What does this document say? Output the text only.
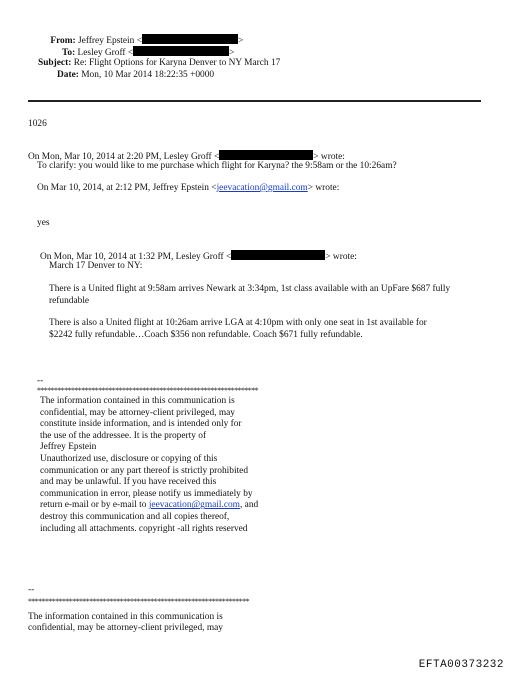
From: Jeffrey Epstein <	>
To: Lesley Groff <	>
Subject: Re: Flight Options for Karyna Denver to NY March 17
Date: Mon, 10 Mar 2014 18:22:35 +0000
1026
On Mon, Mar 10, 2014 at 2:20 PM, Lesley Groff <	> wrote:
To clarify: you would like to me purchase which flight for Karyna? the 9:58am or the 10:26am?
On Mar 10, 2014, at 2:12 PM, Jeffrey Epstein <jeevacation@gmail.com> wrote:
yes
On Mon, Mar 10, 2014 at 1:32 PM, Lesley Groff <	> wrote:
March 17 Denver to NY:
There is a United flight at 9:58am arrives Newark at 3:34pm, 1st class available with an UpFare $687 fully
refundable
There is also a United flight at 10:26am arrive LGA at 4:10pm with only one seat in 1st available for
$2242 fully refundable…Coach $356 non refundable. Coach $671 fully refundable.
--
*****************************************************************
The information contained in this communication is
confidential, may be attorney-client privileged, may
constitute inside information, and is intended only for
the use of the addressee. It is the property of
Jeffrey Epstein
Unauthorized use, disclosure or copying of this
communication or any part thereof is strictly prohibited
and may be unlawful. If you have received this
communication in error, please notify us immediately by
return e-mail or by e-mail to jeevacation@gmail.com, and
destroy this communication and all copies thereof,
including all attachments. copyright -all rights reserved
--
*****************************************************************
The information contained in this communication is
confidential, may be attorney-client privileged, may
EFTA00373232
